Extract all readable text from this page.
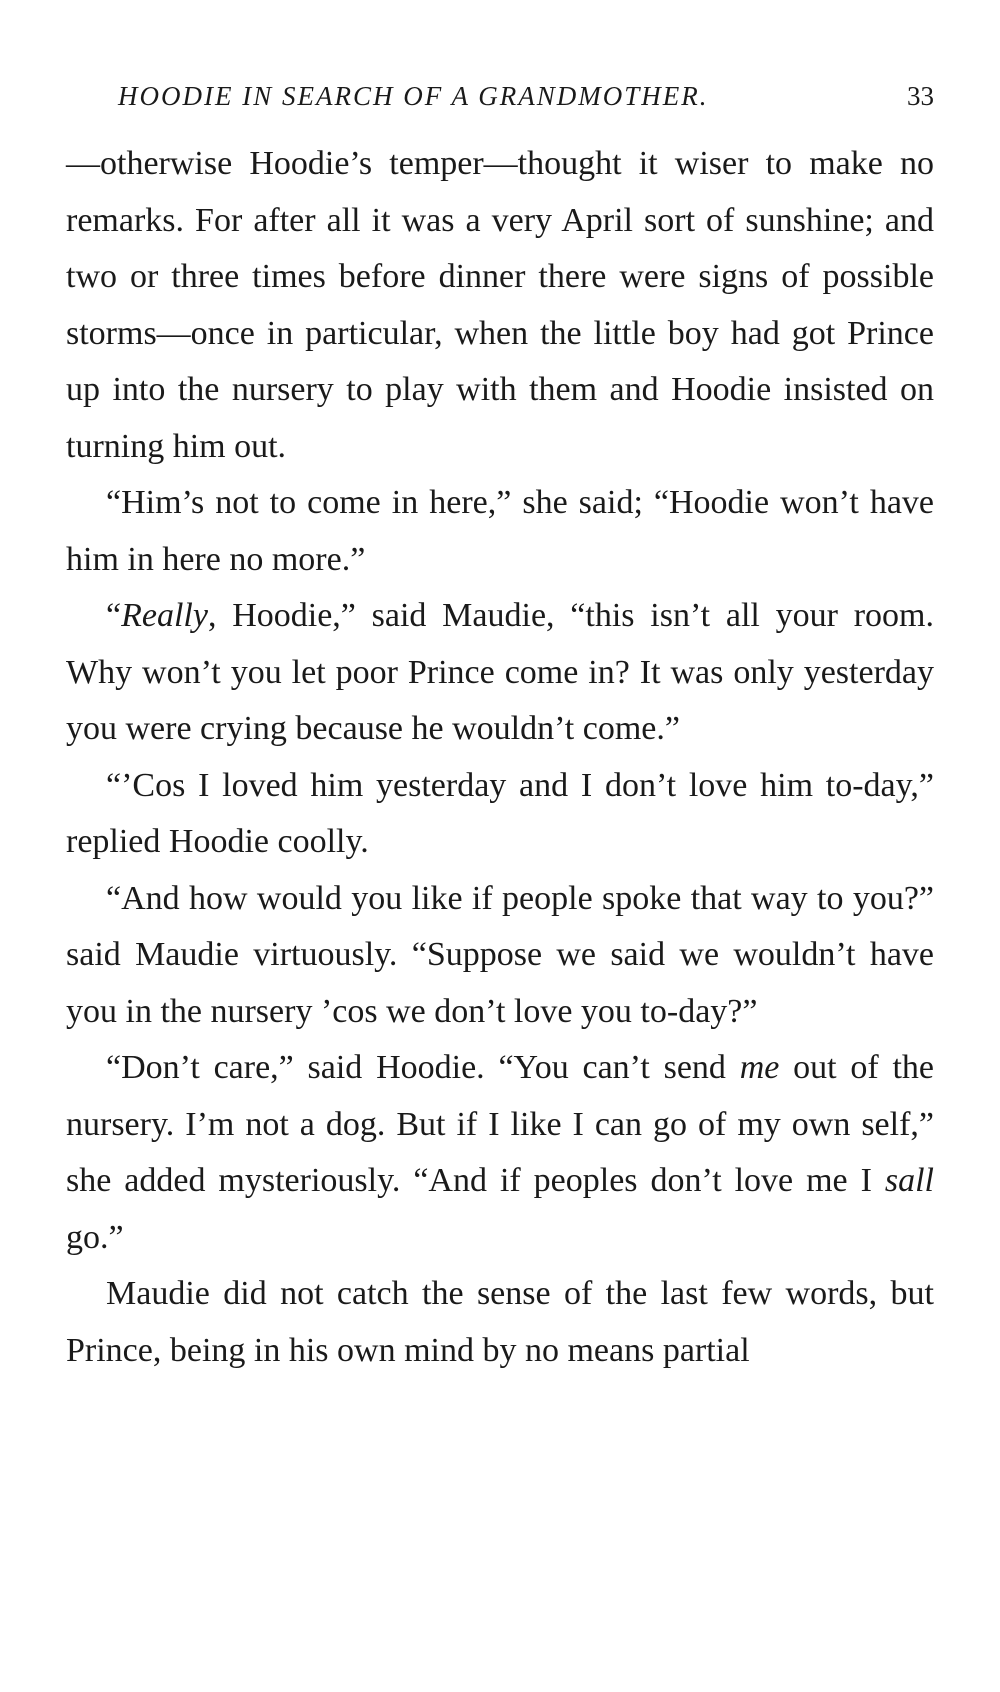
HOODIE IN SEARCH OF A GRANDMOTHER.	33

—otherwise Hoodie’s temper—thought it wiser to make no remarks. For after all it was a very April sort of sunshine; and two or three times before dinner there were signs of possible storms—once in particular, when the little boy had got Prince up into the nursery to play with them and Hoodie insisted on turning him out.

“Him’s not to come in here,” she said; “Hoodie won’t have him in here no more.”

“Really, Hoodie,” said Maudie, “this isn’t all your room. Why won’t you let poor Prince come in? It was only yesterday you were crying because he wouldn’t come.”

“’Cos I loved him yesterday and I don’t love him to-day,” replied Hoodie coolly.

“And how would you like if people spoke that way to you?” said Maudie virtuously. “Suppose we said we wouldn’t have you in the nursery ’cos we don’t love you to-day?”

“Don’t care,” said Hoodie. “You can’t send me out of the nursery. I’m not a dog. But if I like I can go of my own self,” she added mysteriously. “And if peoples don’t love me I sall go.”

Maudie did not catch the sense of the last few words, but Prince, being in his own mind by no means partial
